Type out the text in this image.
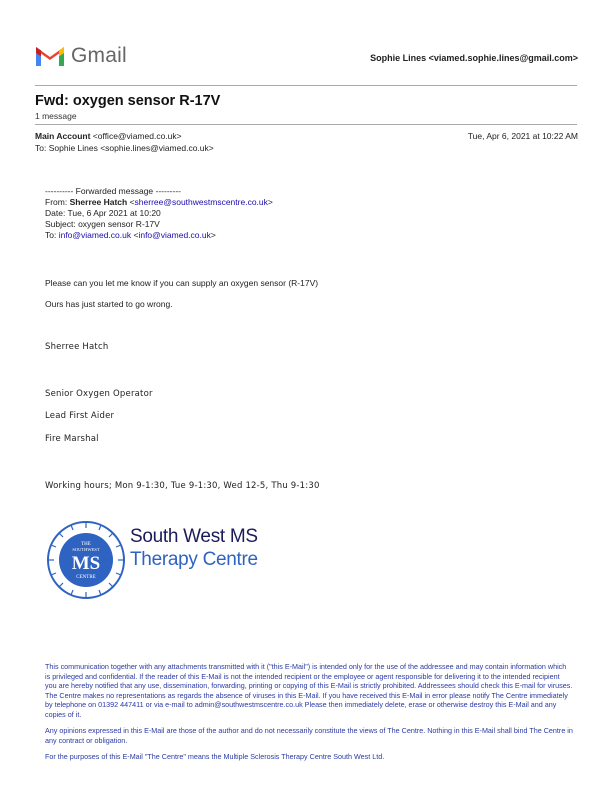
Gmail	Sophie Lines <viamed.sophie.lines@gmail.com>
Fwd: oxygen sensor R-17V
1 message
Main Account <office@viamed.co.uk>	Tue, Apr 6, 2021 at 10:22 AM
To: Sophie Lines <sophie.lines@viamed.co.uk>
---------- Forwarded message ---------
From: Sherree Hatch <sherree@southwestmscentre.co.uk>
Date: Tue, 6 Apr 2021 at 10:20
Subject: oxygen sensor R-17V
To: info@viamed.co.uk <info@viamed.co.uk>
Please can you let me know if you can supply an oxygen sensor (R-17V)
Ours has just started to go wrong.
Sherree Hatch
Senior Oxygen Operator
Lead First Aider
Fire Marshal
Working hours; Mon 9-1:30, Tue 9-1:30, Wed 12-5, Thu 9-1:30
THE
SOUTHWEST
MS
CENTRE
South West MS
Therapy Centre
This communication together with any attachments transmitted with it ("this E-Mail") is intended only for the use of the addressee and may contain information which is privileged and confidential. If the reader of this E-Mail is not the intended recipient or the employee or agent responsible for delivering it to the intended recipient you are hereby notified that any use, dissemination, forwarding, printing or copying of this E-Mail is strictly prohibited. Addressees should check this E-mail for viruses. The Centre makes no representations as regards the absence of viruses in this E-Mail. If you have received this E-Mail in error please notify The Centre immediately by telephone on 01392 447411 or via e-mail to admin@southwestmscentre.co.uk Please then immediately delete, erase or otherwise destroy this E-Mail and any copies of it.
Any opinions expressed in this E-Mail are those of the author and do not necessarily constitute the views of The Centre. Nothing in this E-Mail shall bind The Centre in any contract or obligation.
For the purposes of this E-Mail "The Centre" means the Multiple Sclerosis Therapy Centre South West Ltd.
